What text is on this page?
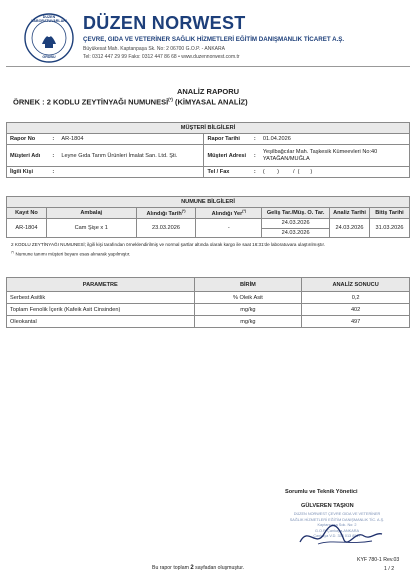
DÜZEN LABORATUVARLARI
GRUBU
DÜZEN NORWEST
ÇEVRE, GIDA VE VETERİNER SAĞLIK HİZMETLERİ EĞİTİM DANIŞMANLIK TİCARET A.Ş.
Büyükesat Mah. Kaptanpaşa Sk. No: 2 06700 G.O.P. - ANKARA
Tel: 0312 447 29 99 Faks: 0312 447 86 68 • www.duzennorwest.com.tr
ANALİZ RAPORU
ÖRNEK : 2 KODLU ZEYTİNYAĞI NUMUNESİ(*) (KİMYASAL ANALİZ)
MÜŞTERİ BİLGİLERİ					
Rapor No	:	AR-1804	Rapor Tarihi	:	01.04.2026
Müşteri Adı	:	Leyne Gıda Tarım Ürünleri İmalat San. Ltd. Şti.	Müşteri Adresi	:	Yeşilbağcılar Mah. Taşkesik Kümeevleri No:40
YATAĞAN/MUĞLA

İlgili Kişi	:		Tel / Fax	:	(        )         /  (       )
NUMUNE BİLGİLERİ						
Kayıt No	Ambalaj	Alındığı Tarih(*)	Alındığı Yer(*)	Geliş Tar./Müş. O. Tar.	Analiz Tarihi	Bitiş Tarihi
AR-1804	Cam Şişe x 1	23.03.2026	-	24.03.2026	24.03.2026	31.03.2026
				24.03.2026		
2 KODLU ZEYTİNYAĞI NUMUNESİ; ilgili kişi tarafından örneklendirilmiş ve normal şartlar altında olarak kargo ile saat 16:31'de laboratuvara ulaştırılmıştır.
(*) Numune tanımı müşteri beyanı esas alınarak yapılmıştır.
PARAMETRE	BİRİM	ANALİZ SONUCU
Serbest Asitlik	% Oleik Asit	0,2
Toplam Fenolik İçerik (Kafeik Asit Cinsinden)	mg/kg	402
Oleokantal	mg/kg	497
Sorumlu ve Teknik Yönetici
GÜLVEREN TAŞKIN
DÜZEN NORWEST ÇEVRE GIDA VE VETERİNER
SAĞLIK HİZMETLERİ EĞİTİM DANIŞMANLIK TİC. A.Ş.
Kaptanpaşa Sok. No: 2
G.O.P. Çankaya-ANKARA
Çankaya V.D. 333 013 8517
Bu rapor toplam 2 sayfadan oluşmuştur.
KYF 780-1 Rev.03
1 / 2
